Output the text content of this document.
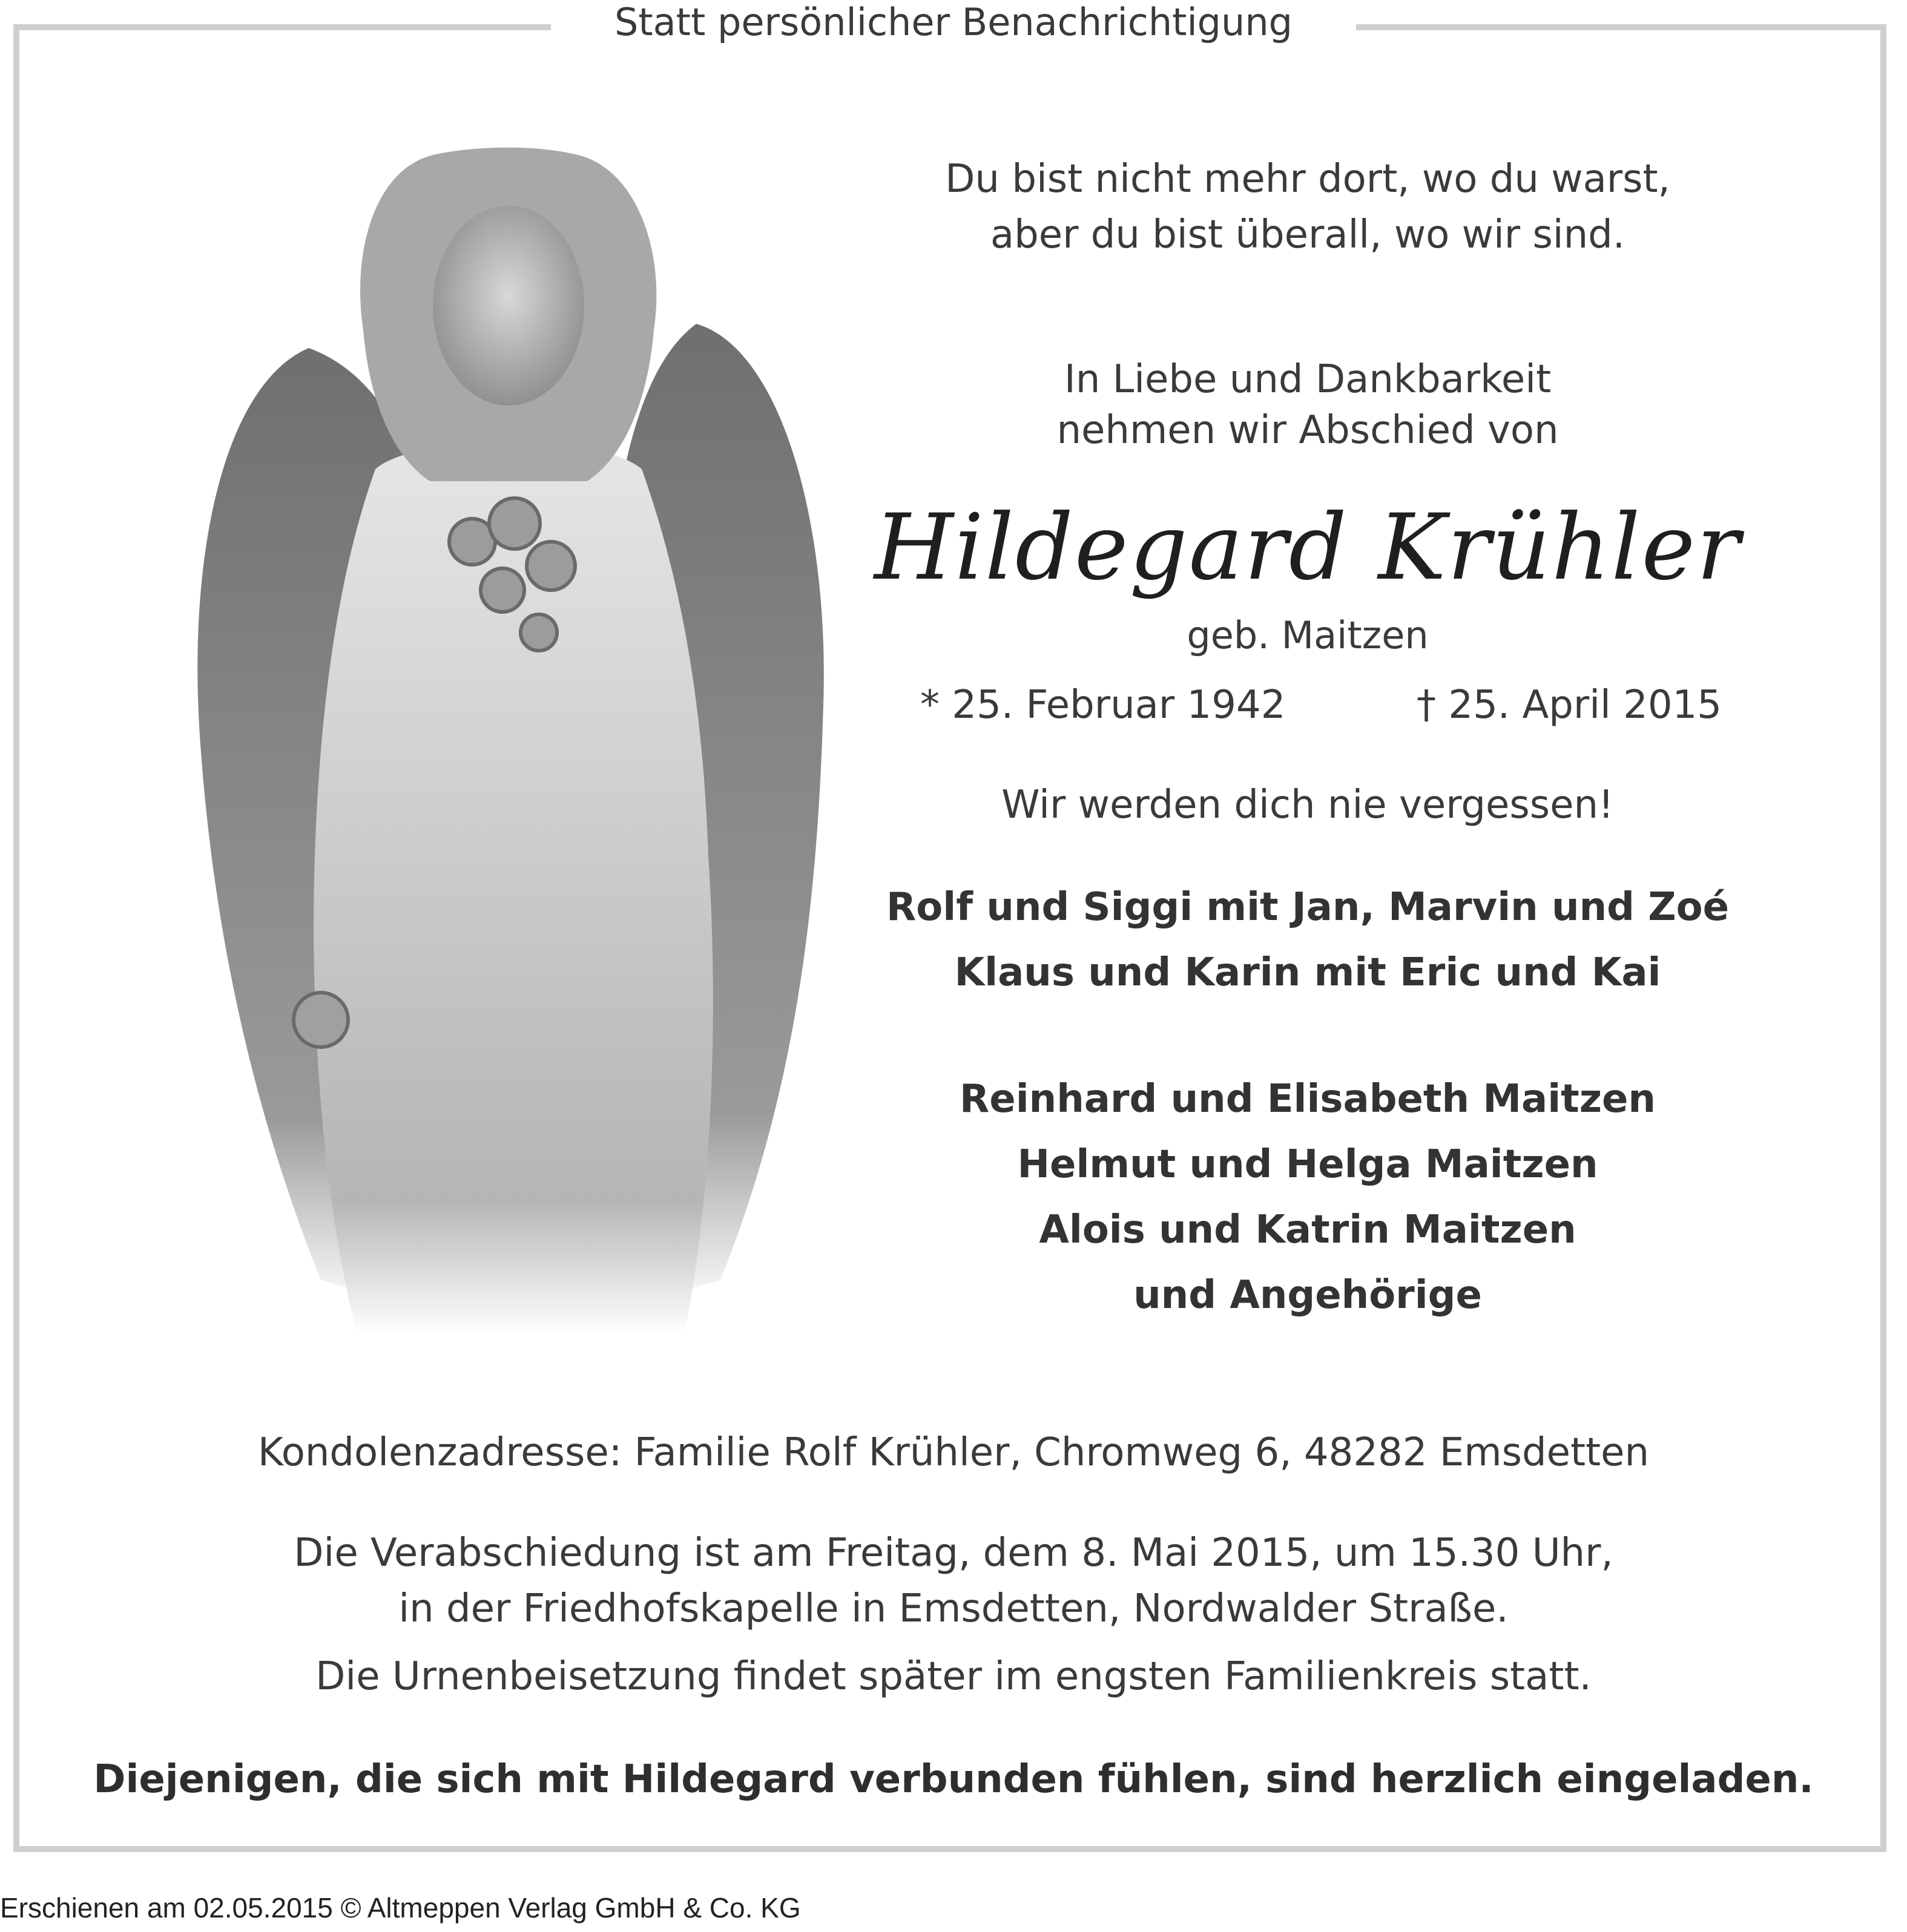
Statt persönlicher Benachrichtigung
Du bist nicht mehr dort, wo du warst,
aber du bist überall, wo wir sind.
In Liebe und Dankbarkeit
nehmen wir Abschied von
Hildegard Krühler
geb. Maitzen
* 25. Februar 1942	† 25. April 2015
Wir werden dich nie vergessen!
Rolf und Siggi mit Jan, Marvin und Zoé
Klaus und Karin mit Eric und Kai
Reinhard und Elisabeth Maitzen
Helmut und Helga Maitzen
Alois und Katrin Maitzen
und Angehörige
Kondolenzadresse: Familie Rolf Krühler, Chromweg 6, 48282 Emsdetten
Die Verabschiedung ist am Freitag, dem 8. Mai 2015, um 15.30 Uhr,
in der Friedhofskapelle in Emsdetten, Nordwalder Straße.
Die Urnenbeisetzung findet später im engsten Familienkreis statt.
Diejenigen, die sich mit Hildegard verbunden fühlen, sind herzlich eingeladen.
Erschienen am 02.05.2015 © Altmeppen Verlag GmbH & Co. KG
